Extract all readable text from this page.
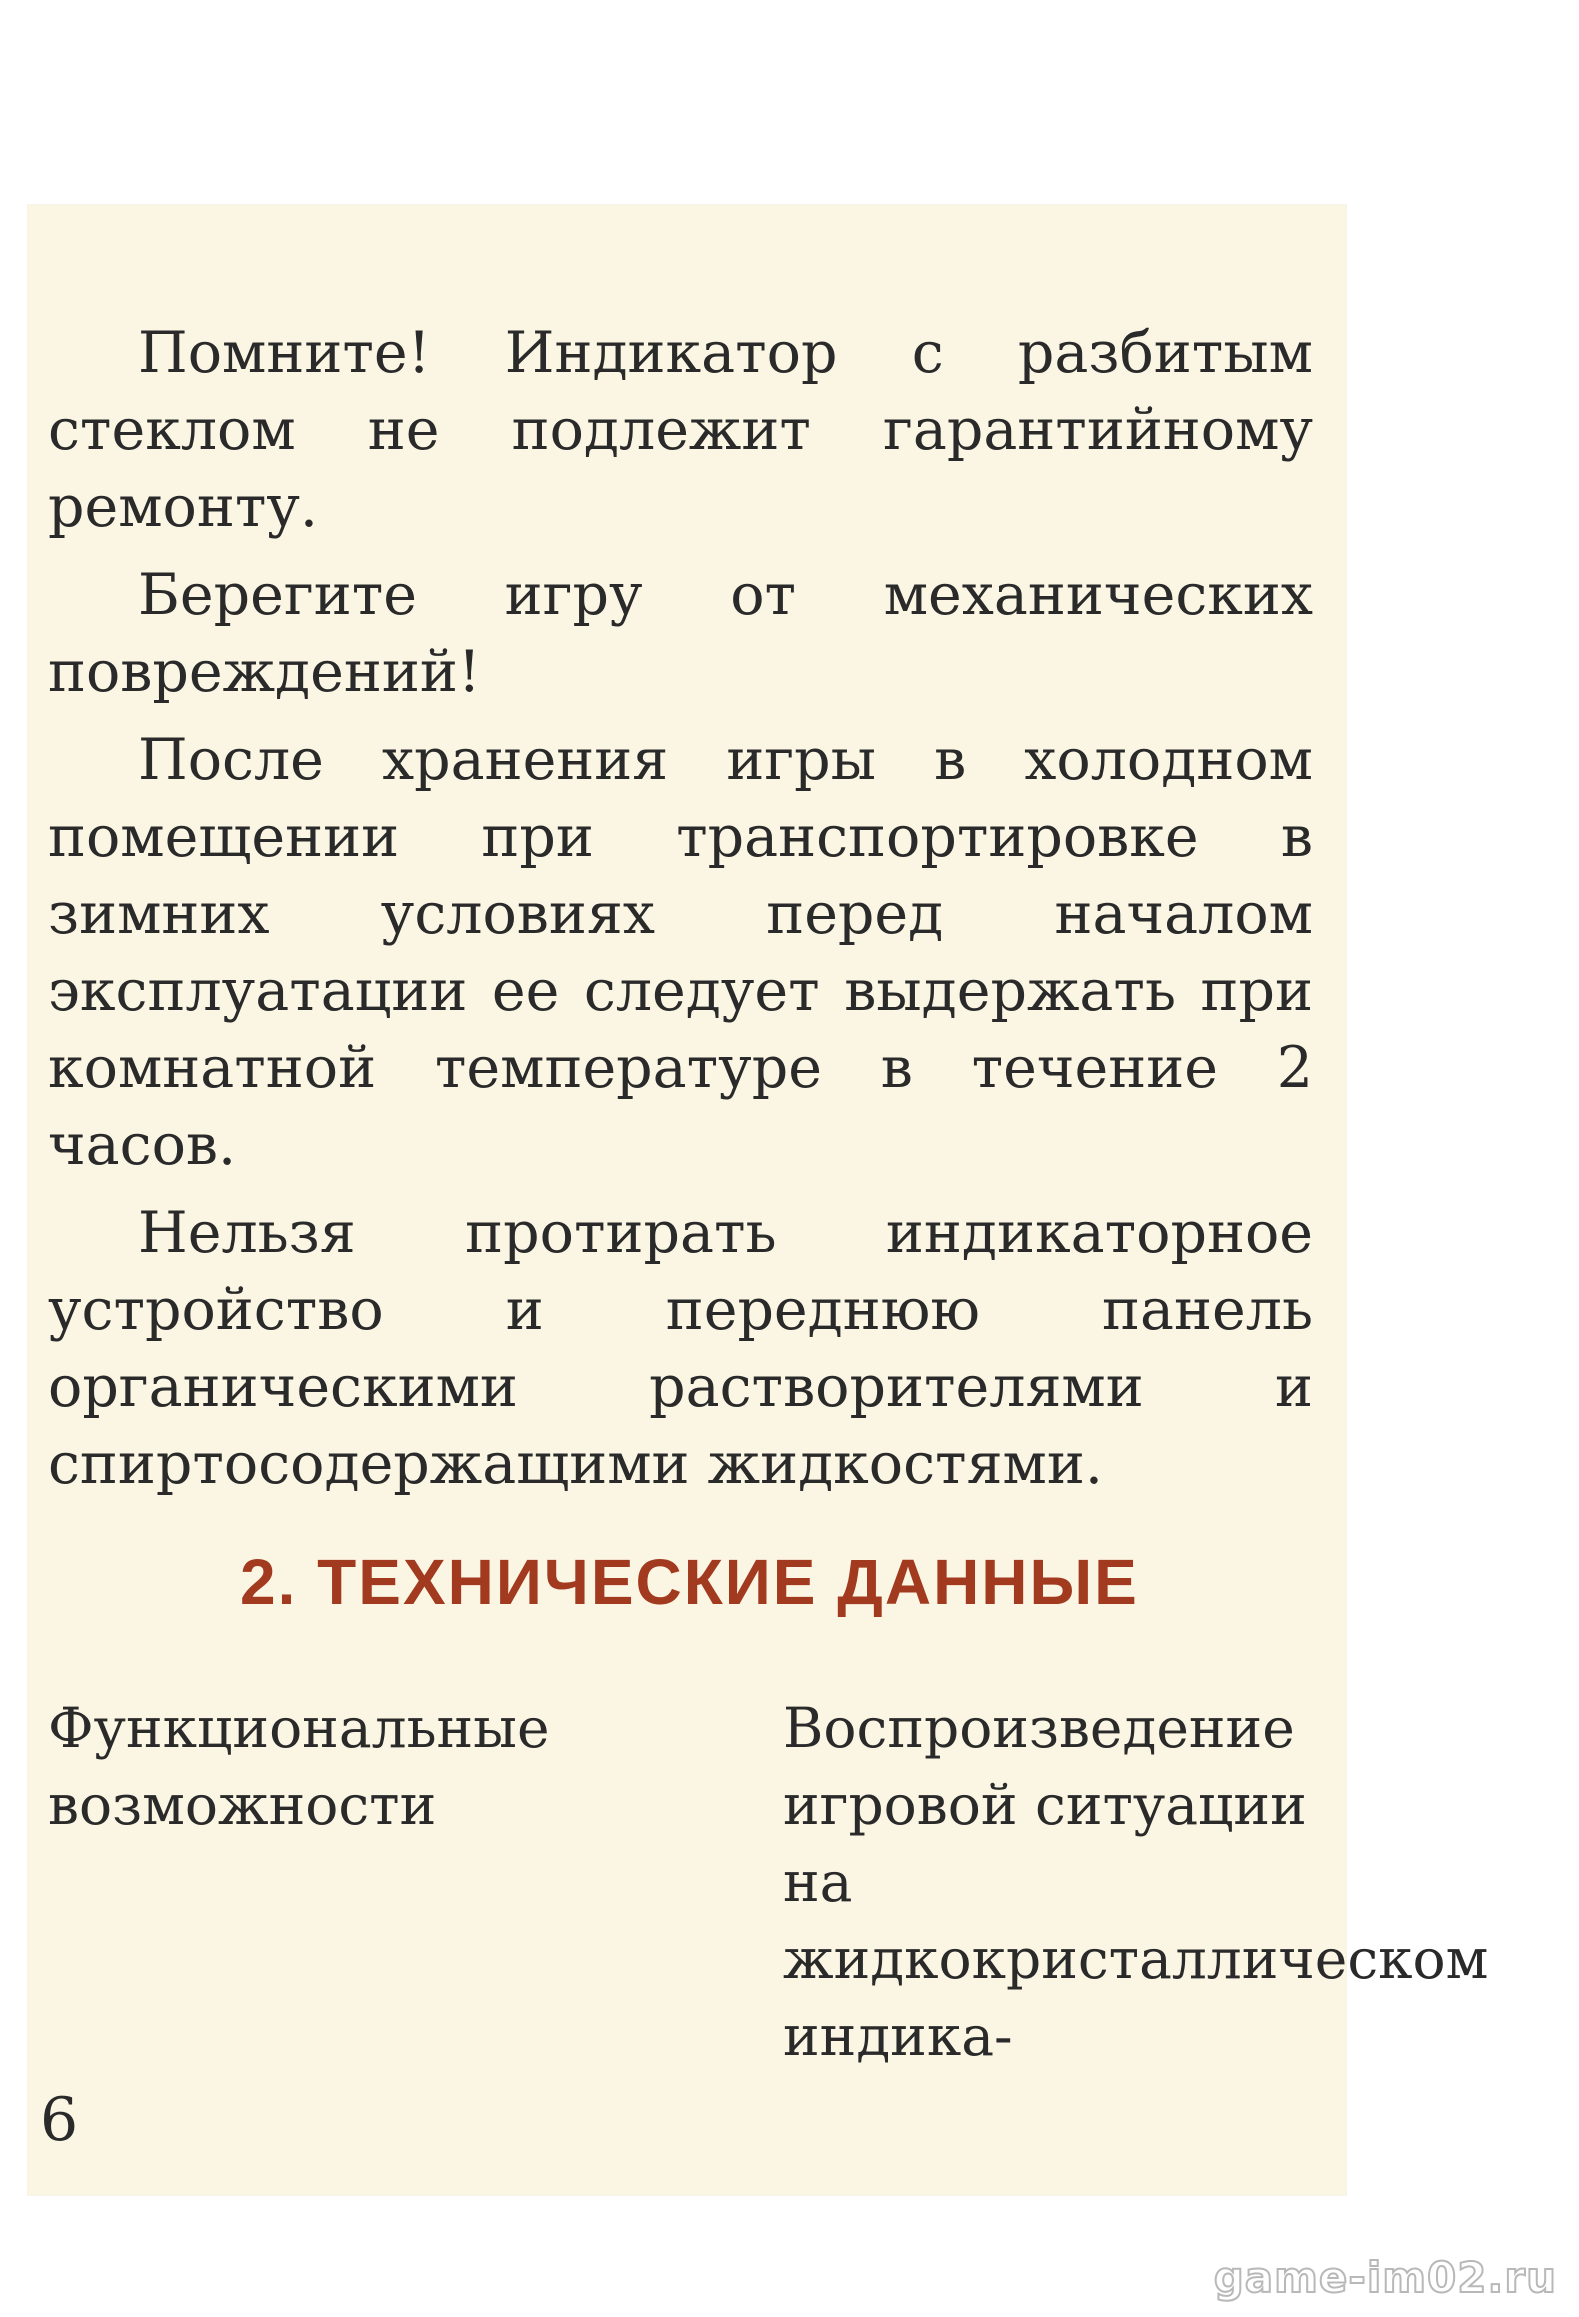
Помните! Индикатор с разбитым стеклом не подлежит гарантийному ремонту.

Берегите игру от механических повреждений!

После хранения игры в холодном помещении при транспортировке в зимних условиях перед началом эксплуатации ее следует выдержать при комнатной температуре в течение 2 часов.

Нельзя протирать индикаторное устройство и переднюю панель органическими растворителями и спиртосодержащими жидкостями.

2. ТЕХНИЧЕСКИЕ ДАННЫЕ
Функциональные
возможности
Воспроизведение игровой ситуации на жидкокристаллическом индика-
6
game-im02.ru
